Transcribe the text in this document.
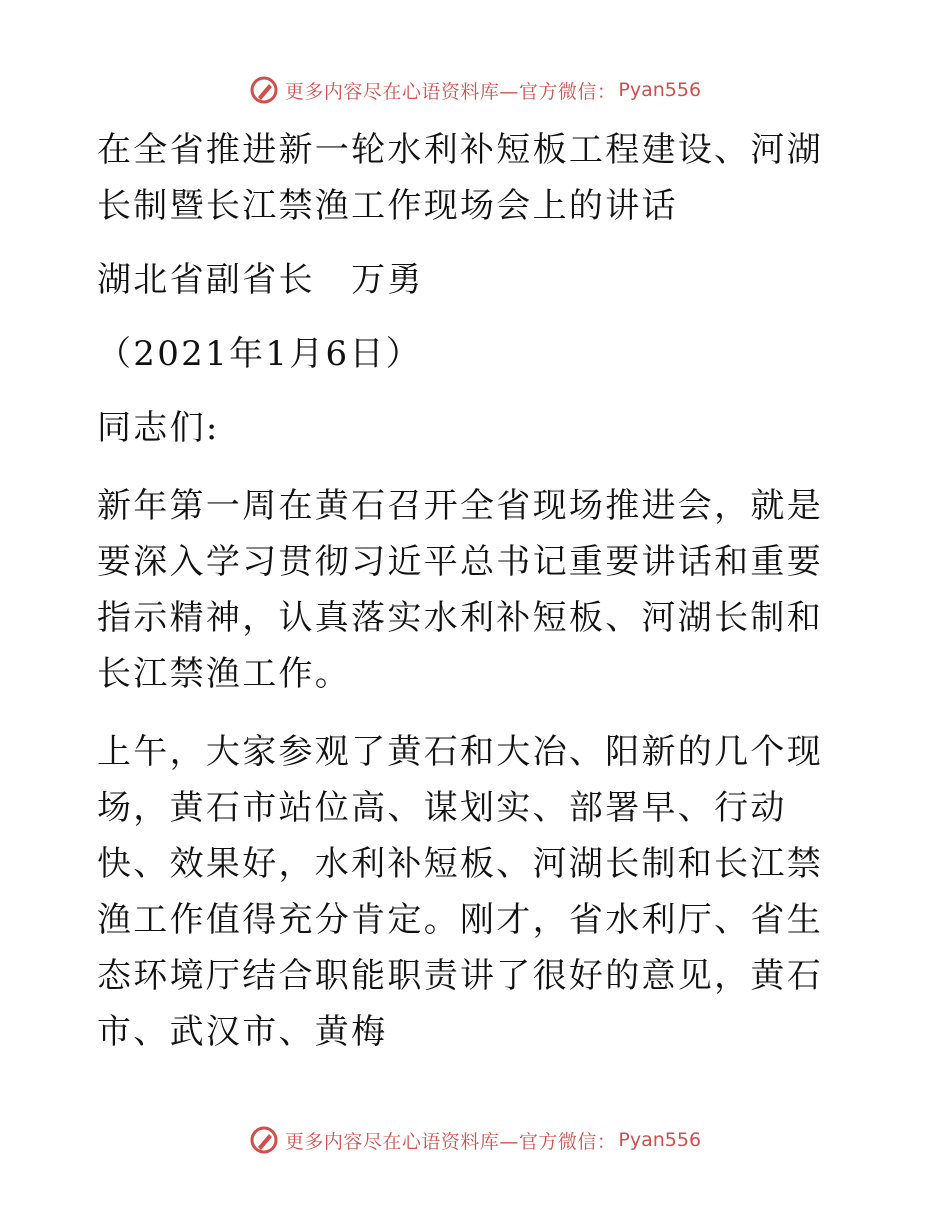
更多内容尽在心语资料库—官方微信： Pyan556

在全省推进新一轮水利补短板工程建设、河湖长制暨长江禁渔工作现场会上的讲话

湖北省副省长　万勇

（2021年1月6日）

同志们:

新年第一周在黄石召开全省现场推进会，就是要深入学习贯彻习近平总书记重要讲话和重要指示精神，认真落实水利补短板、河湖长制和长江禁渔工作。

上午，大家参观了黄石和大冶、阳新的几个现场，黄石市站位高、谋划实、部署早、行动快、效果好，水利补短板、河湖长制和长江禁渔工作值得充分肯定。刚才，省水利厅、省生态环境厅结合职能职责讲了很好的意见，黄石市、武汉市、黄梅

更多内容尽在心语资料库—官方微信： Pyan556
